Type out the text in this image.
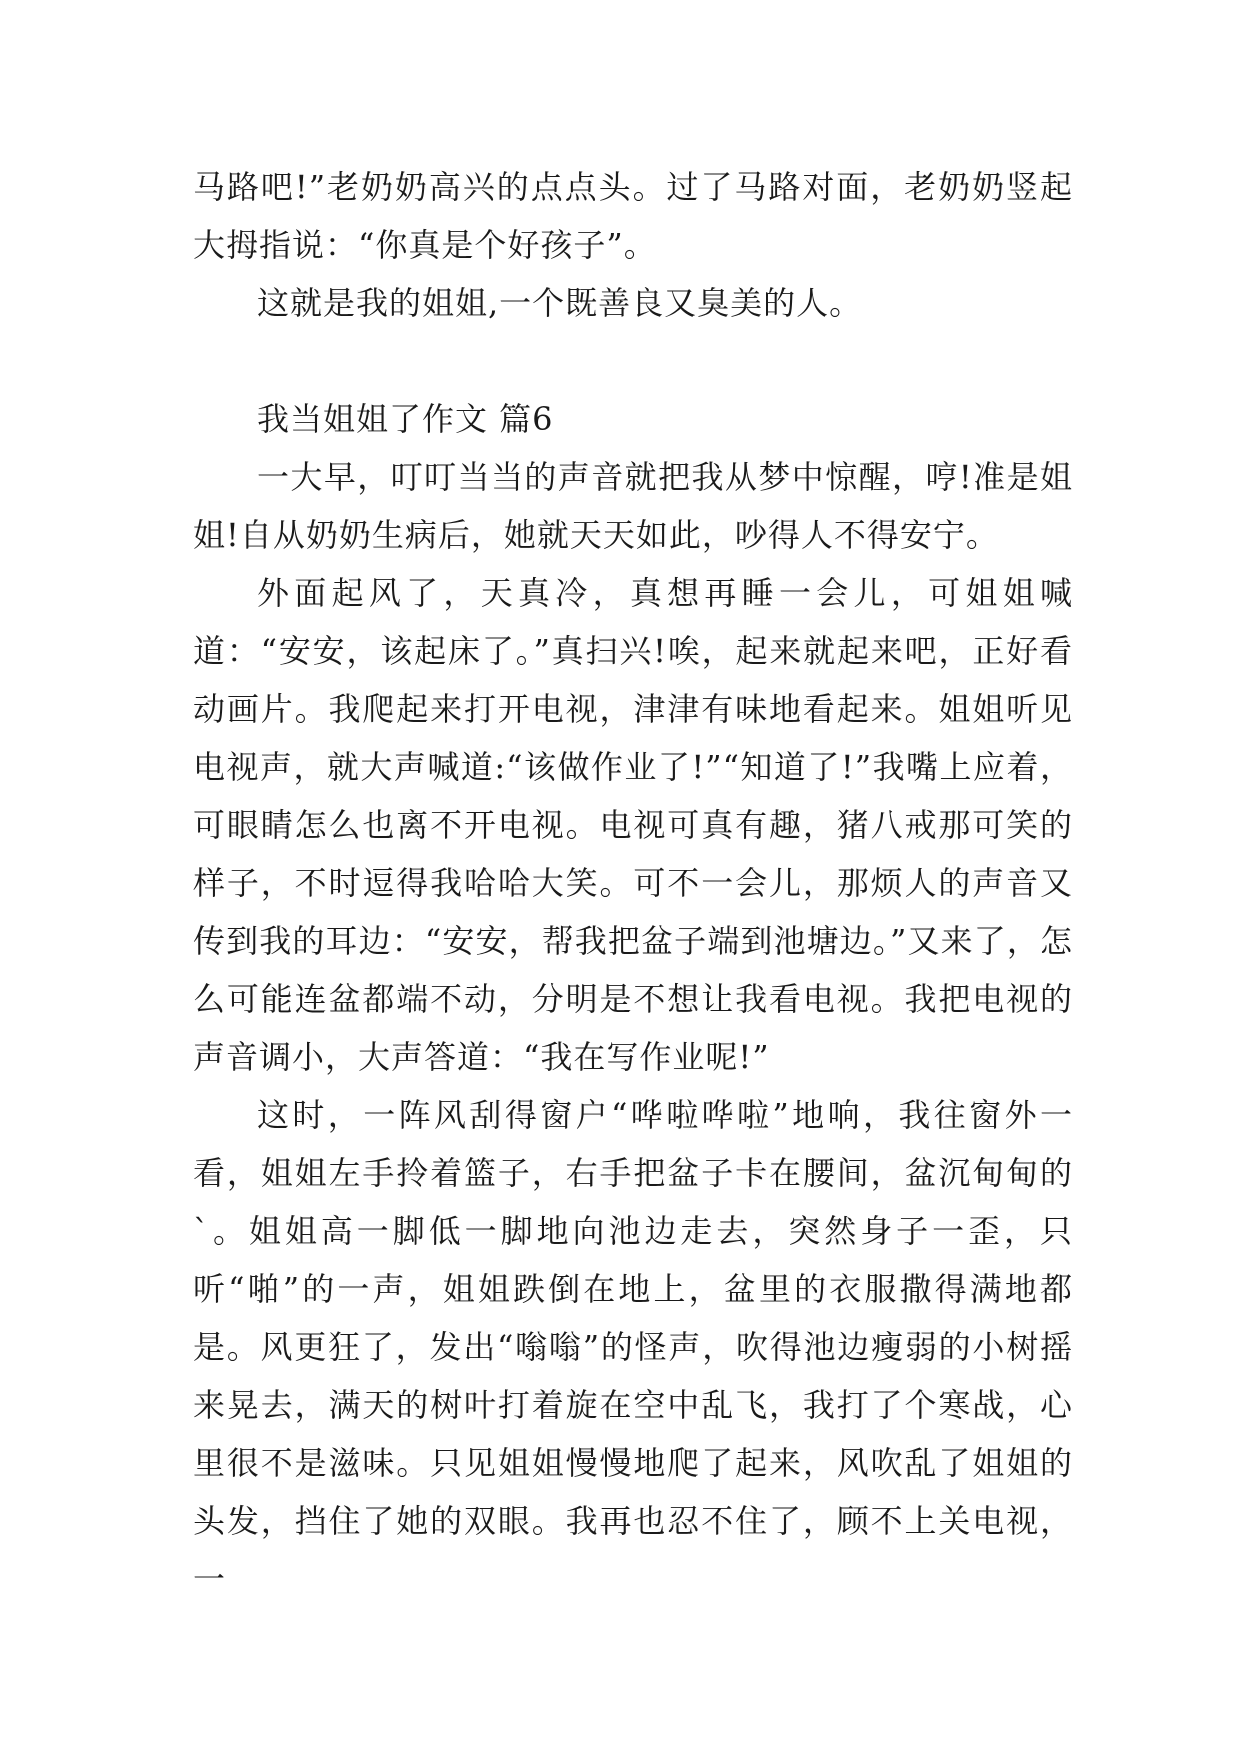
马路吧!”老奶奶高兴的点点头。过了马路对面，老奶奶竖起大拇指说：“你真是个好孩子”。

这就是我的姐姐,一个既善良又臭美的人。

我当姐姐了作文 篇6

一大早，叮叮当当的声音就把我从梦中惊醒，哼!准是姐姐!自从奶奶生病后，她就天天如此，吵得人不得安宁。

外面起风了，天真冷，真想再睡一会儿，可姐姐喊道：“安安，该起床了。”真扫兴!唉，起来就起来吧，正好看动画片。我爬起来打开电视，津津有味地看起来。姐姐听见电视声，就大声喊道:“该做作业了!”“知道了!”我嘴上应着，可眼睛怎么也离不开电视。电视可真有趣，猪八戒那可笑的样子，不时逗得我哈哈大笑。可不一会儿，那烦人的声音又传到我的耳边：“安安，帮我把盆子端到池塘边。”又来了，怎么可能连盆都端不动，分明是不想让我看电视。我把电视的声音调小，大声答道：“我在写作业呢!”

这时，一阵风刮得窗户“哗啦哗啦”地响，我往窗外一看，姐姐左手拎着篮子，右手把盆子卡在腰间，盆沉甸甸的`。姐姐高一脚低一脚地向池边走去，突然身子一歪，只听“啪”的一声，姐姐跌倒在地上，盆里的衣服撒得满地都是。风更狂了，发出“嗡嗡”的怪声，吹得池边瘦弱的小树摇来晃去，满天的树叶打着旋在空中乱飞，我打了个寒战，心里很不是滋味。只见姐姐慢慢地爬了起来，风吹乱了姐姐的头发，挡住了她的双眼。我再也忍不住了，顾不上关电视，一
